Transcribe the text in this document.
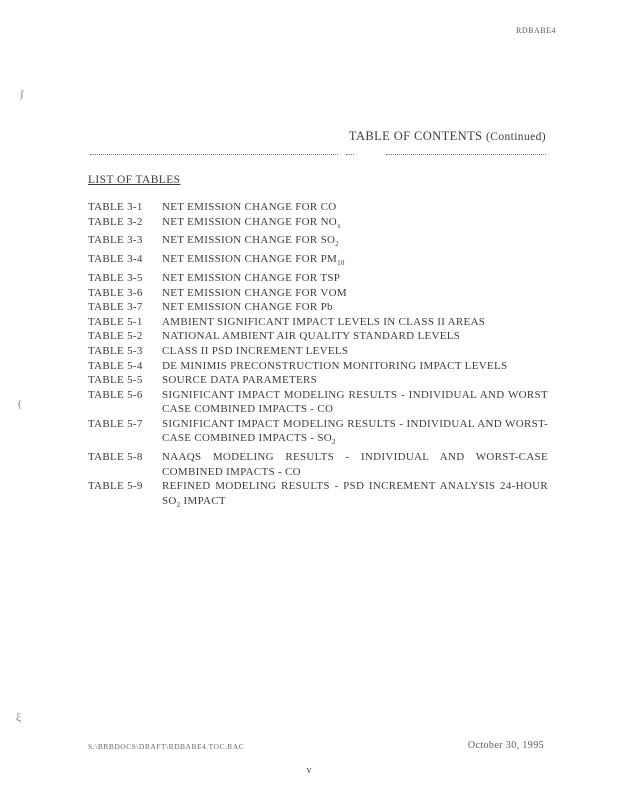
RDBABE4
ʃ
(
ξ
TABLE OF CONTENTS (Continued)
LIST OF TABLES
TABLE 3-1	NET EMISSION CHANGE FOR CO
TABLE 3-2	NET EMISSION CHANGE FOR $NO_x$
TABLE 3-3	NET EMISSION CHANGE FOR $SO_2$
TABLE 3-4	NET EMISSION CHANGE FOR $PM_{10}$
TABLE 3-5	NET EMISSION CHANGE FOR TSP
TABLE 3-6	NET EMISSION CHANGE FOR VOM
TABLE 3-7	NET EMISSION CHANGE FOR Pb
TABLE 5-1	AMBIENT SIGNIFICANT IMPACT LEVELS IN CLASS II AREAS
TABLE 5-2	NATIONAL AMBIENT AIR QUALITY STANDARD LEVELS
TABLE 5-3	CLASS II PSD INCREMENT LEVELS
TABLE 5-4	DE MINIMIS PRECONSTRUCTION MONITORING IMPACT LEVELS
TABLE 5-5	SOURCE DATA PARAMETERS
TABLE 5-6	SIGNIFICANT IMPACT MODELING RESULTS - INDIVIDUAL AND WORST CASE COMBINED IMPACTS - CO
TABLE 5-7	SIGNIFICANT IMPACT MODELING RESULTS - INDIVIDUAL AND WORST-CASE COMBINED IMPACTS - $SO_2$
TABLE 5-8	NAAQS MODELING RESULTS - INDIVIDUAL AND WORST-CASE COMBINED IMPACTS - CO
TABLE 5-9	REFINED MODELING RESULTS - PSD INCREMENT ANALYSIS 24-HOUR $SO_2$ IMPACT
S:\BRBDOCS\DRAFT\RDBABE4.TOC.RAC	October 30, 1995
v
